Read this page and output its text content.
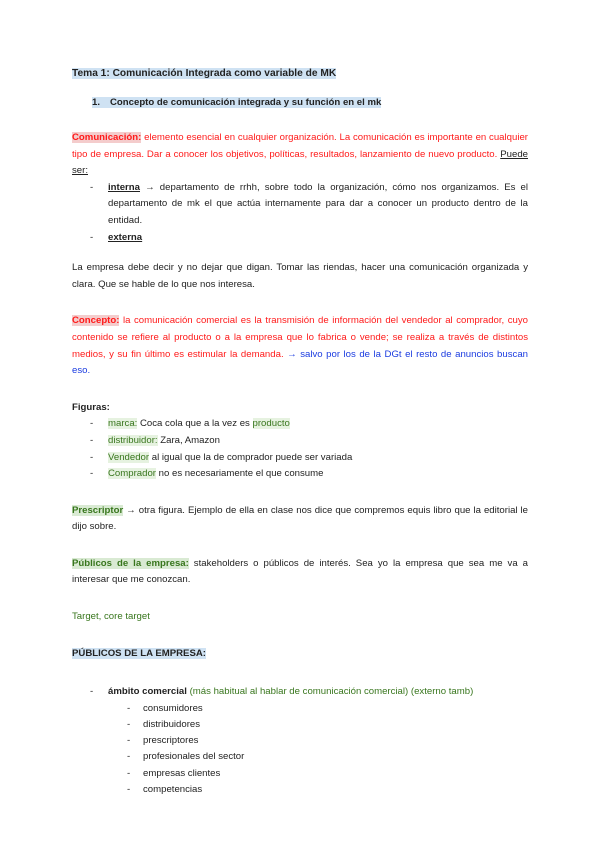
Tema 1: Comunicación Integrada como variable de MK
1. Concepto de comunicación integrada y su función en el mk

Comunicación: elemento esencial en cualquier organización. La comunicación es importante en cualquier tipo de empresa. Dar a conocer los objetivos, políticas, resultados, lanzamiento de nuevo producto. Puede ser:

- interna → departamento de rrhh, sobre todo la organización, cómo nos organizamos. Es el departamento de mk el que actúa internamente para dar a conocer un producto dentro de la entidad.
- externa

La empresa debe decir y no dejar que digan. Tomar las riendas, hacer una comunicación organizada y clara. Que se hable de lo que nos interesa.

Concepto: la comunicación comercial es la transmisión de información del vendedor al comprador, cuyo contenido se refiere al producto o a la empresa que lo fabrica o vende; se realiza a través de distintos medios, y su fin último es estimular la demanda. → salvo por los de la DGt el resto de anuncios buscan eso.

Figuras:

- marca: Coca cola que a la vez es producto
- distribuidor: Zara, Amazon
- Vendedor al igual que la de comprador puede ser variada
- Comprador no es necesariamente el que consume

Prescriptor → otra figura. Ejemplo de ella en clase nos dice que compremos equis libro que la editorial le dijo sobre.

Públicos de la empresa: stakeholders o públicos de interés. Sea yo la empresa que sea me va a interesar que me conozcan.

Target, core target

PÚBLICOS DE LA EMPRESA:

- ámbito comercial (más habitual al hablar de comunicación comercial) (externo tamb)
- consumidores
- distribuidores
- prescriptores
- profesionales del sector
- empresas clientes
- competencias
